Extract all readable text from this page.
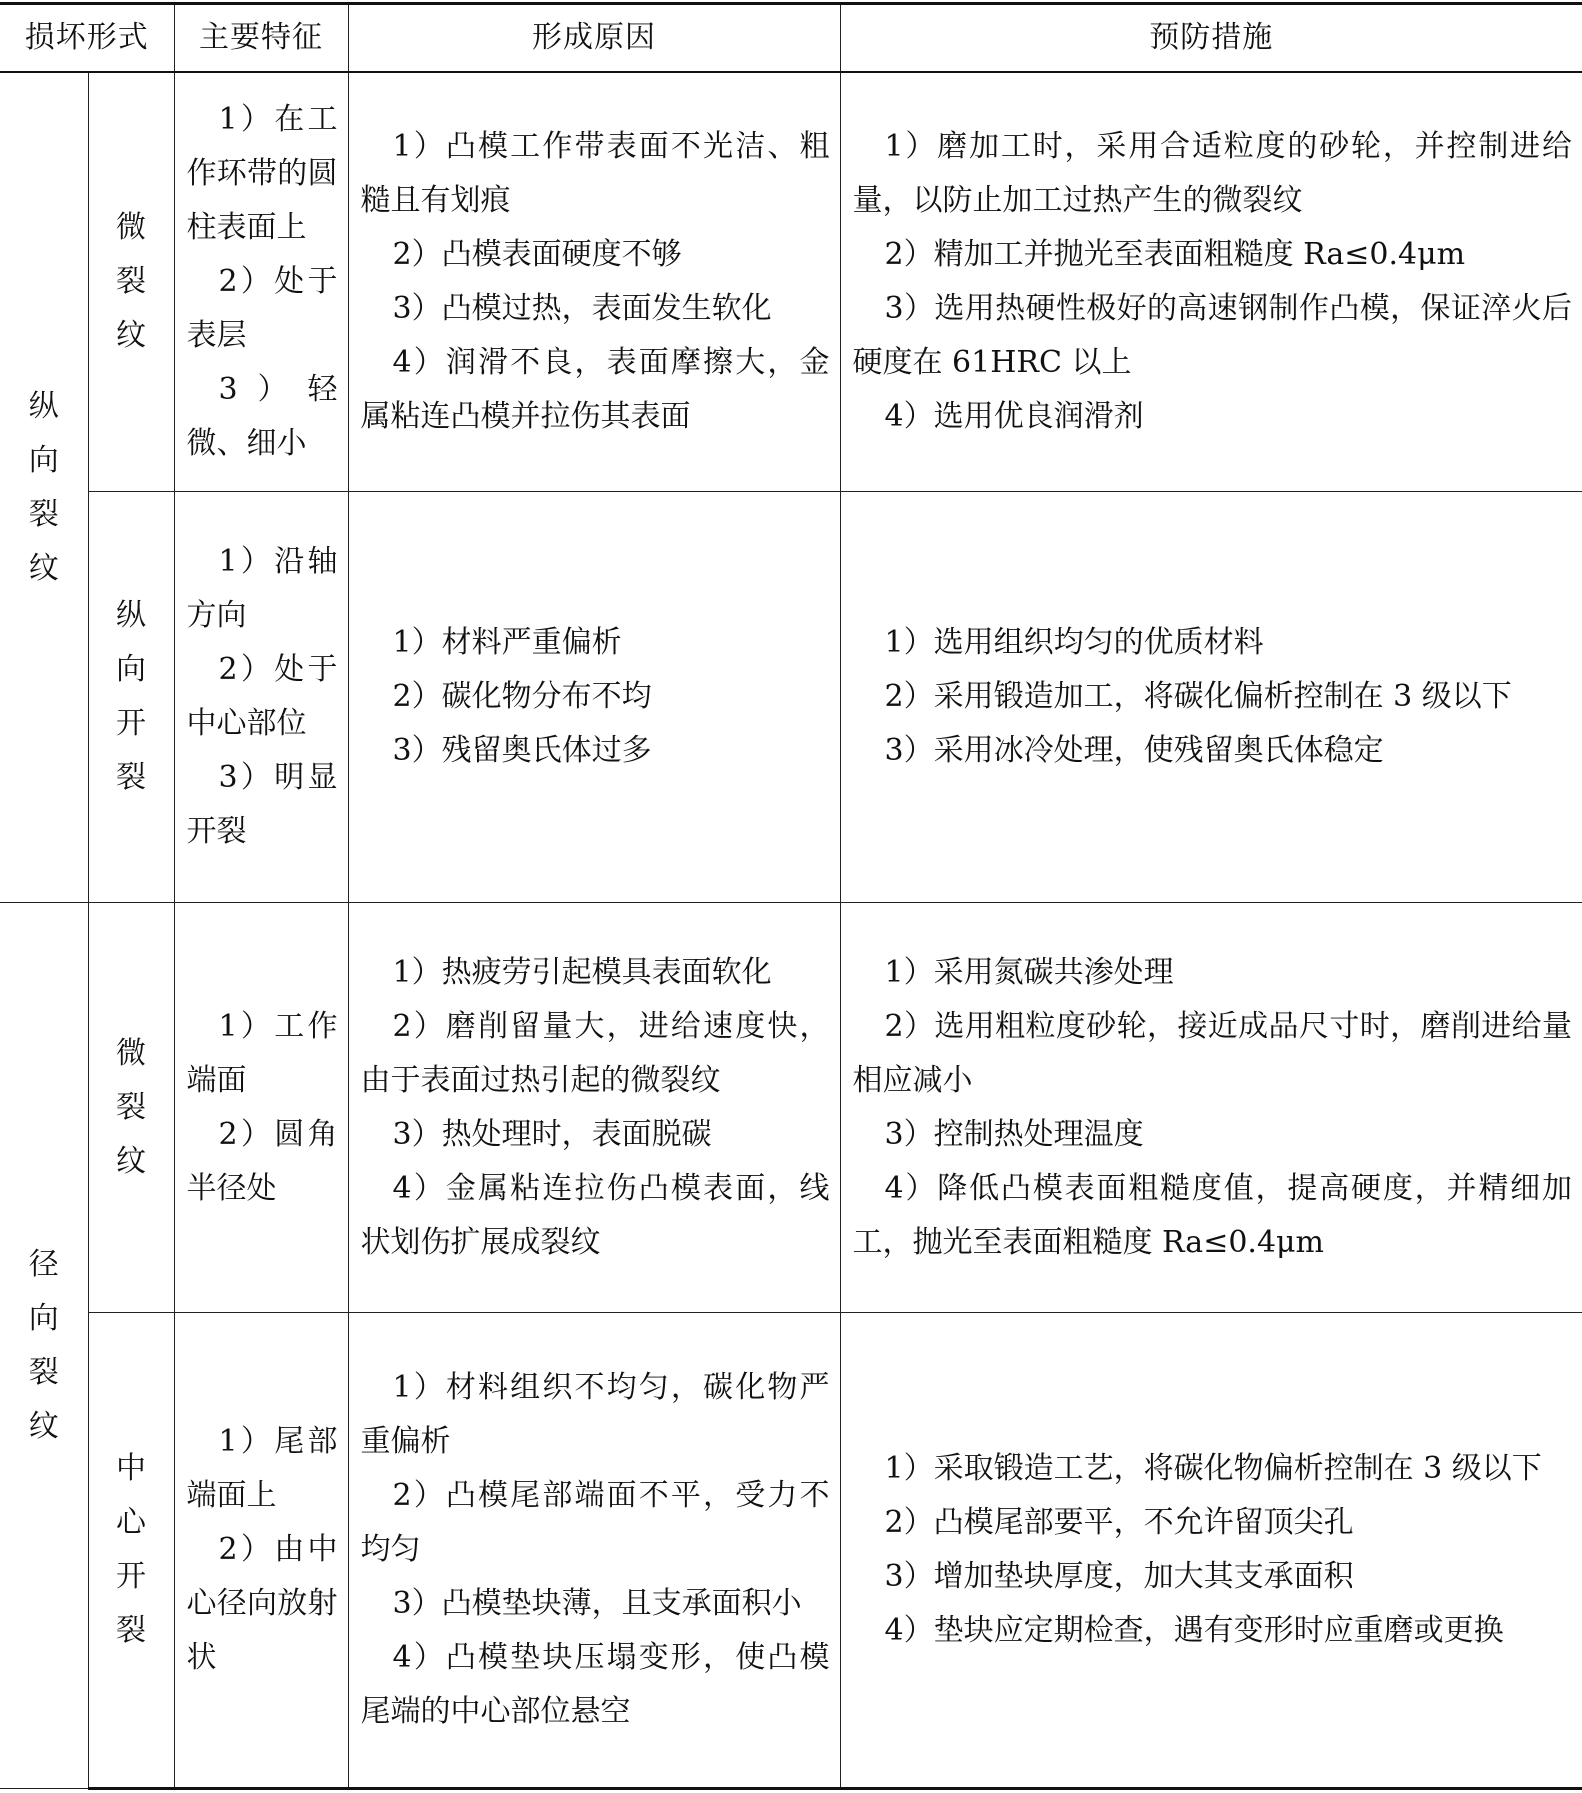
损坏形式		主要特征	形成原因	预防措施

纵向裂纹	微裂纹	1）在工作环带的圆柱表面上
2）处于表层
3）轻微、细小	1）凸模工作带表面不光洁、粗糙且有划痕
2）凸模表面硬度不够
3）凸模过热，表面发生软化
4）润滑不良，表面摩擦大，金属粘连凸模并拉伤其表面	1）磨加工时，采用合适粒度的砂轮，并控制进给量，以防止加工过热产生的微裂纹
2）精加工并抛光至表面粗糙度 Ra≤0.4μm
3）选用热硬性极好的高速钢制作凸模，保证淬火后硬度在 61HRC 以上
4）选用优良润滑剂

	纵向开裂	1）沿轴方向
2）处于中心部位
3）明显开裂	1）材料严重偏析
2）碳化物分布不均
3）残留奥氏体过多	1）选用组织均匀的优质材料
2）采用锻造加工，将碳化偏析控制在 3 级以下
3）采用冰冷处理，使残留奥氏体稳定

径向裂纹	微裂纹	1）工作端面
2）圆角半径处	1）热疲劳引起模具表面软化
2）磨削留量大，进给速度快，由于表面过热引起的微裂纹
3）热处理时，表面脱碳
4）金属粘连拉伤凸模表面，线状划伤扩展成裂纹	1）采用氮碳共渗处理
2）选用粗粒度砂轮，接近成品尺寸时，磨削进给量相应减小
3）控制热处理温度
4）降低凸模表面粗糙度值，提高硬度，并精细加工，抛光至表面粗糙度 Ra≤0.4μm

	中心开裂	1）尾部端面上
2）由中心径向放射状	1）材料组织不均匀，碳化物严重偏析
2）凸模尾部端面不平，受力不均匀
3）凸模垫块薄，且支承面积小
4）凸模垫块压塌变形，使凸模尾端的中心部位悬空	1）采取锻造工艺，将碳化物偏析控制在 3 级以下
2）凸模尾部要平，不允许留顶尖孔
3）增加垫块厚度，加大其支承面积
4）垫块应定期检查，遇有变形时应重磨或更换
